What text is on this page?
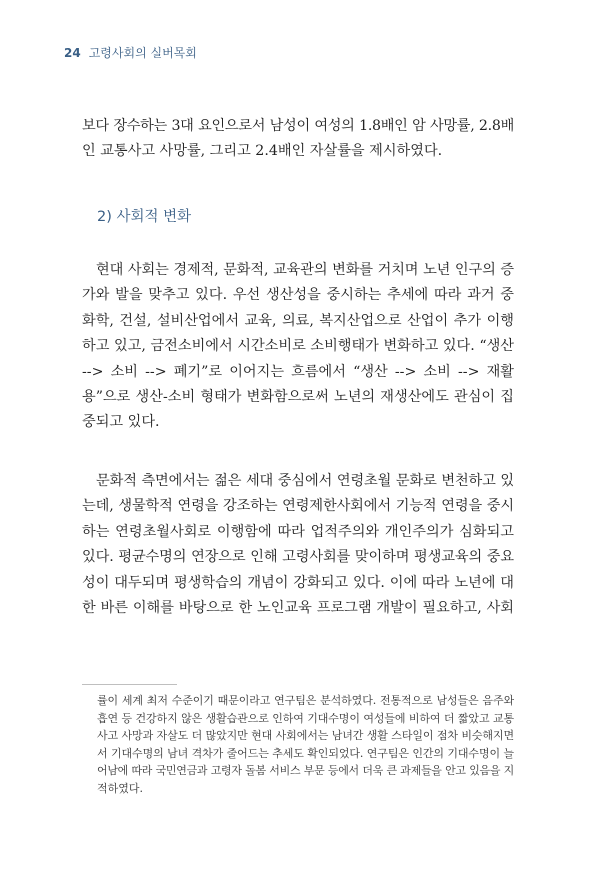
24 고령사회의 실버목회
보다 장수하는 3대 요인으로서 남성이 여성의 1.8배인 암 사망률, 2.8배
인 교통사고 사망률, 그리고 2.4배인 자살률을 제시하였다.
2) 사회적 변화
현대 사회는 경제적, 문화적, 교육관의 변화를 거치며 노년 인구의 증
가와 발을 맞추고 있다. 우선 생산성을 중시하는 추세에 따라 과거 중
화학, 건설, 설비산업에서 교육, 의료, 복지산업으로 산업이 추가 이행
하고 있고, 금전소비에서 시간소비로 소비행태가 변화하고 있다. “생산
--> 소비 --> 폐기”로 이어지는 흐름에서 “생산 --> 소비 --> 재활
용”으로 생산-소비 형태가 변화함으로써 노년의 재생산에도 관심이 집
중되고 있다.
문화적 측면에서는 젊은 세대 중심에서 연령초월 문화로 변천하고 있
는데, 생물학적 연령을 강조하는 연령제한사회에서 기능적 연령을 중시
하는 연령초월사회로 이행함에 따라 업적주의와 개인주의가 심화되고
있다. 평균수명의 연장으로 인해 고령사회를 맞이하며 평생교육의 중요
성이 대두되며 평생학습의 개념이 강화되고 있다. 이에 따라 노년에 대
한 바른 이해를 바탕으로 한 노인교육 프로그램 개발이 필요하고, 사회
률이 세계 최저 수준이기 때문이라고 연구팀은 분석하였다. 전통적으로 남성들은 음주와
흡연 등 건강하지 않은 생활습관으로 인하여 기대수명이 여성들에 비하여 더 짧았고 교통
사고 사망과 자살도 더 많았지만 현대 사회에서는 남녀간 생활 스타일이 점차 비슷해지면
서 기대수명의 남녀 격차가 줄어드는 추세도 확인되었다. 연구팀은 인간의 기대수명이 늘
어남에 따라 국민연금과 고령자 돌봄 서비스 부문 등에서 더욱 큰 과제들을 안고 있음을 지
적하였다.
